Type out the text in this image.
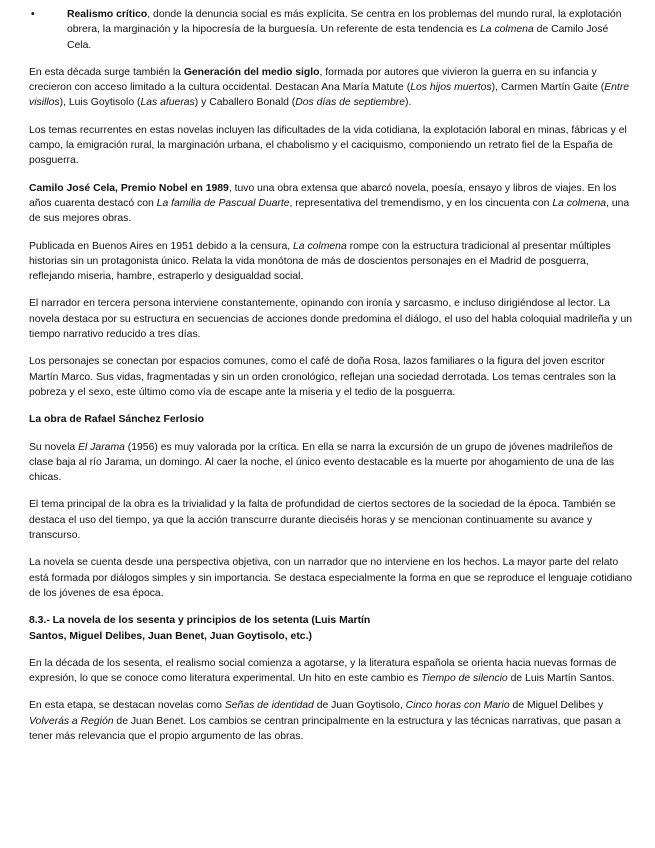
•	Realismo crítico, donde la denuncia social es más explícita. Se centra en los problemas del mundo rural, la explotación obrera, la marginación y la hipocresía de la burguesía. Un referente de esta tendencia es La colmena de Camilo José Cela.

En esta década surge también la Generación del medio siglo, formada por autores que vivieron la guerra en su infancia y crecieron con acceso limitado a la cultura occidental. Destacan Ana María Matute (Los hijos muertos), Carmen Martín Gaite (Entre visillos), Luis Goytisolo (Las afueras) y Caballero Bonald (Dos días de septiembre).

Los temas recurrentes en estas novelas incluyen las dificultades de la vida cotidiana, la explotación laboral en minas, fábricas y el campo, la emigración rural, la marginación urbana, el chabolismo y el caciquismo, componiendo un retrato fiel de la España de posguerra.

Camilo José Cela, Premio Nobel en 1989, tuvo una obra extensa que abarcó novela, poesía, ensayo y libros de viajes. En los años cuarenta destacó con La familia de Pascual Duarte, representativa del tremendismo, y en los cincuenta con La colmena, una de sus mejores obras.

Publicada en Buenos Aires en 1951 debido a la censura, La colmena rompe con la estructura tradicional al presentar múltiples historias sin un protagonista único. Relata la vida monótona de más de doscientos personajes en el Madrid de posguerra, reflejando miseria, hambre, estraperlo y desigualdad social.

El narrador en tercera persona interviene constantemente, opinando con ironía y sarcasmo, e incluso dirigiéndose al lector. La novela destaca por su estructura en secuencias de acciones donde predomina el diálogo, el uso del habla coloquial madrileña y un tiempo narrativo reducido a tres días.

Los personajes se conectan por espacios comunes, como el café de doña Rosa, lazos familiares o la figura del joven escritor Martín Marco. Sus vidas, fragmentadas y sin un orden cronológico, reflejan una sociedad derrotada. Los temas centrales son la pobreza y el sexo, este último como vía de escape ante la miseria y el tedio de la posguerra.

La obra de Rafael Sánchez Ferlosio

Su novela El Jarama (1956) es muy valorada por la crítica. En ella se narra la excursión de un grupo de jóvenes madrileños de clase baja al río Jarama, un domingo. Al caer la noche, el único evento destacable es la muerte por ahogamiento de una de las chicas.

El tema principal de la obra es la trivialidad y la falta de profundidad de ciertos sectores de la sociedad de la época. También se destaca el uso del tiempo, ya que la acción transcurre durante dieciséis horas y se mencionan continuamente su avance y transcurso.

La novela se cuenta desde una perspectiva objetiva, con un narrador que no interviene en los hechos. La mayor parte del relato está formada por diálogos simples y sin importancia. Se destaca especialmente la forma en que se reproduce el lenguaje cotidiano de los jóvenes de esa época.

8.3.- La novela de los sesenta y principios de los setenta (Luis Martín
Santos, Miguel Delibes, Juan Benet, Juan Goytisolo, etc.)

En la década de los sesenta, el realismo social comienza a agotarse, y la literatura española se orienta hacia nuevas formas de expresión, lo que se conoce como literatura experimental. Un hito en este cambio es Tiempo de silencio de Luis Martín Santos.

En esta etapa, se destacan novelas como Señas de identidad de Juan Goytisolo, Cinco horas con Mario de Miguel Delibes y Volverás a Región de Juan Benet. Los cambios se centran principalmente en la estructura y las técnicas narrativas, que pasan a tener más relevancia que el propio argumento de las obras.
